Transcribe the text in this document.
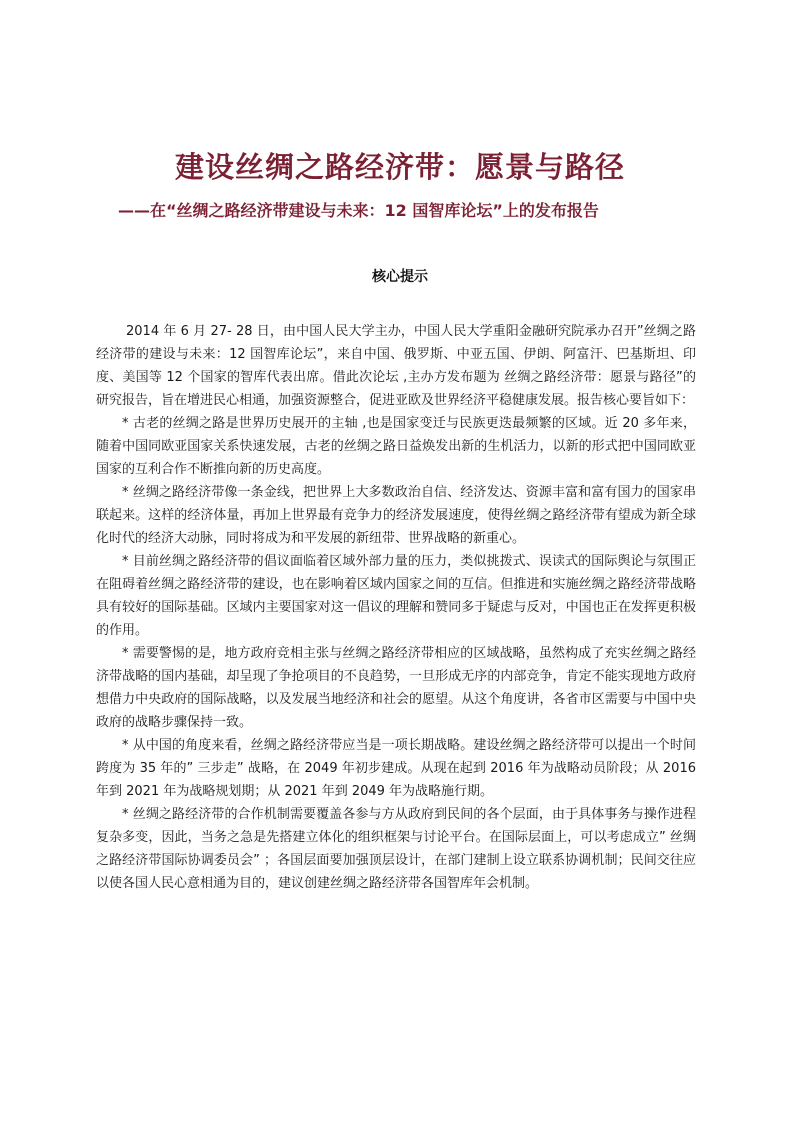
建设丝绸之路经济带：愿景与路径
——在“丝绸之路经济带建设与未来：12 国智库论坛”上的发布报告
核心提示

2014 年 6 月 27- 28 日，由中国人民大学主办，中国人民大学重阳金融研究院承办召开”丝绸之路经济带的建设与未来：12 国智库论坛”，来自中国、俄罗斯、中亚五国、伊朗、阿富汗、巴基斯坦、印度、美国等 12 个国家的智库代表出席。借此次论坛 ,主办方发布题为 丝绸之路经济带：愿景与路径”的研究报告，旨在增进民心相通，加强资源整合，促进亚欧及世界经济平稳健康发展。报告核心要旨如下：

* 古老的丝绸之路是世界历史展开的主轴 ,也是国家变迁与民族更迭最频繁的区域。近 20 多年来，随着中国同欧亚国家关系快速发展，古老的丝绸之路日益焕发出新的生机活力，以新的形式把中国同欧亚国家的互利合作不断推向新的历史高度。

* 丝绸之路经济带像一条金线，把世界上大多数政治自信、经济发达、资源丰富和富有国力的国家串联起来。这样的经济体量，再加上世界最有竞争力的经济发展速度，使得丝绸之路经济带有望成为新全球化时代的经济大动脉，同时将成为和平发展的新纽带、世界战略的新重心。

* 目前丝绸之路经济带的倡议面临着区域外部力量的压力，类似挑拨式、误读式的国际舆论与氛围正在阻碍着丝绸之路经济带的建设，也在影响着区域内国家之间的互信。但推进和实施丝绸之路经济带战略具有较好的国际基础。区域内主要国家对这一倡议的理解和赞同多于疑虑与反对，中国也正在发挥更积极的作用。

* 需要警惕的是，地方政府竞相主张与丝绸之路经济带相应的区域战略，虽然构成了充实丝绸之路经济带战略的国内基础，却呈现了争抢项目的不良趋势，一旦形成无序的内部竞争，肯定不能实现地方政府想借力中央政府的国际战略，以及发展当地经济和社会的愿望。从这个角度讲，各省市区需要与中国中央政府的战略步骤保持一致。

* 从中国的角度来看，丝绸之路经济带应当是一项长期战略。建设丝绸之路经济带可以提出一个时间跨度为 35 年的” 三步走” 战略，在 2049 年初步建成。从现在起到 2016 年为战略动员阶段；从 2016 年到 2021 年为战略规划期；从 2021 年到 2049 年为战略施行期。

* 丝绸之路经济带的合作机制需要覆盖各参与方从政府到民间的各个层面，由于具体事务与操作进程复杂多变，因此，当务之急是先搭建立体化的组织框架与讨论平台。在国际层面上，可以考虑成立” 丝绸之路经济带国际协调委员会” ；各国层面要加强顶层设计，在部门建制上设立联系协调机制；民间交往应以使各国人民心意相通为目的，建议创建丝绸之路经济带各国智库年会机制。
